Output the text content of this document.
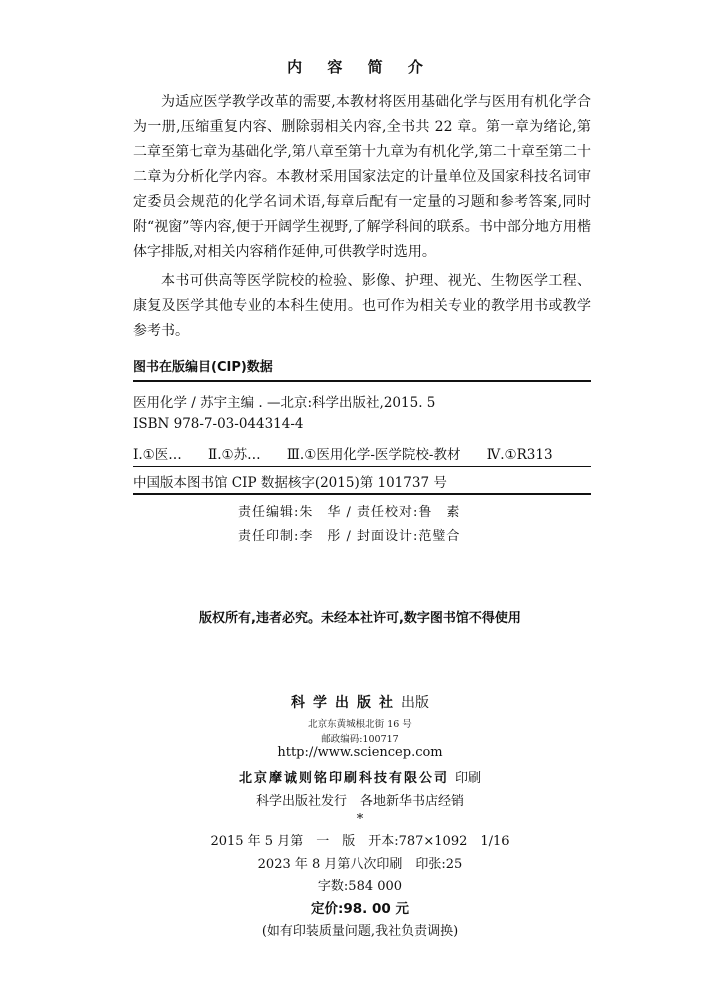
内 容 简 介

为适应医学教学改革的需要,本教材将医用基础化学与医用有机化学合为一册,压缩重复内容、删除弱相关内容,全书共 22 章。第一章为绪论,第二章至第七章为基础化学,第八章至第十九章为有机化学,第二十章至第二十二章为分析化学内容。本教材采用国家法定的计量单位及国家科技名词审定委员会规范的化学名词术语,每章后配有一定量的习题和参考答案,同时附“视窗”等内容,便于开阔学生视野,了解学科间的联系。书中部分地方用楷体字排版,对相关内容稍作延伸,可供教学时选用。

本书可供高等医学院校的检验、影像、护理、视光、生物医学工程、康复及医学其他专业的本科生使用。也可作为相关专业的教学用书或教学参考书。

图书在版编目(CIP)数据
医用化学 / 苏宇主编 . —北京:科学出版社,2015. 5
ISBN 978-7-03-044314-4
Ⅰ.①医… Ⅱ.①苏… Ⅲ.①医用化学-医学院校-教材 Ⅳ.①R313
中国版本图书馆 CIP 数据核字(2015)第 101737 号
责任编辑:朱　华 / 责任校对:鲁　素
责任印制:李　彤 / 封面设计:范璧合
版权所有,违者必究。未经本社许可,数字图书馆不得使用
科学出版社出版
北京东黄城根北街 16 号
邮政编码:100717
http://www.sciencep.com
北京摩诚则铭印刷科技有限公司 印刷
科学出版社发行　各地新华书店经销
*
2015 年 5 月第　一　版　开本:787×1092　1/16
2023 年 8 月第八次印刷　印张:25
字数:584 000
定价:98. 00 元
(如有印装质量问题,我社负责调换)
